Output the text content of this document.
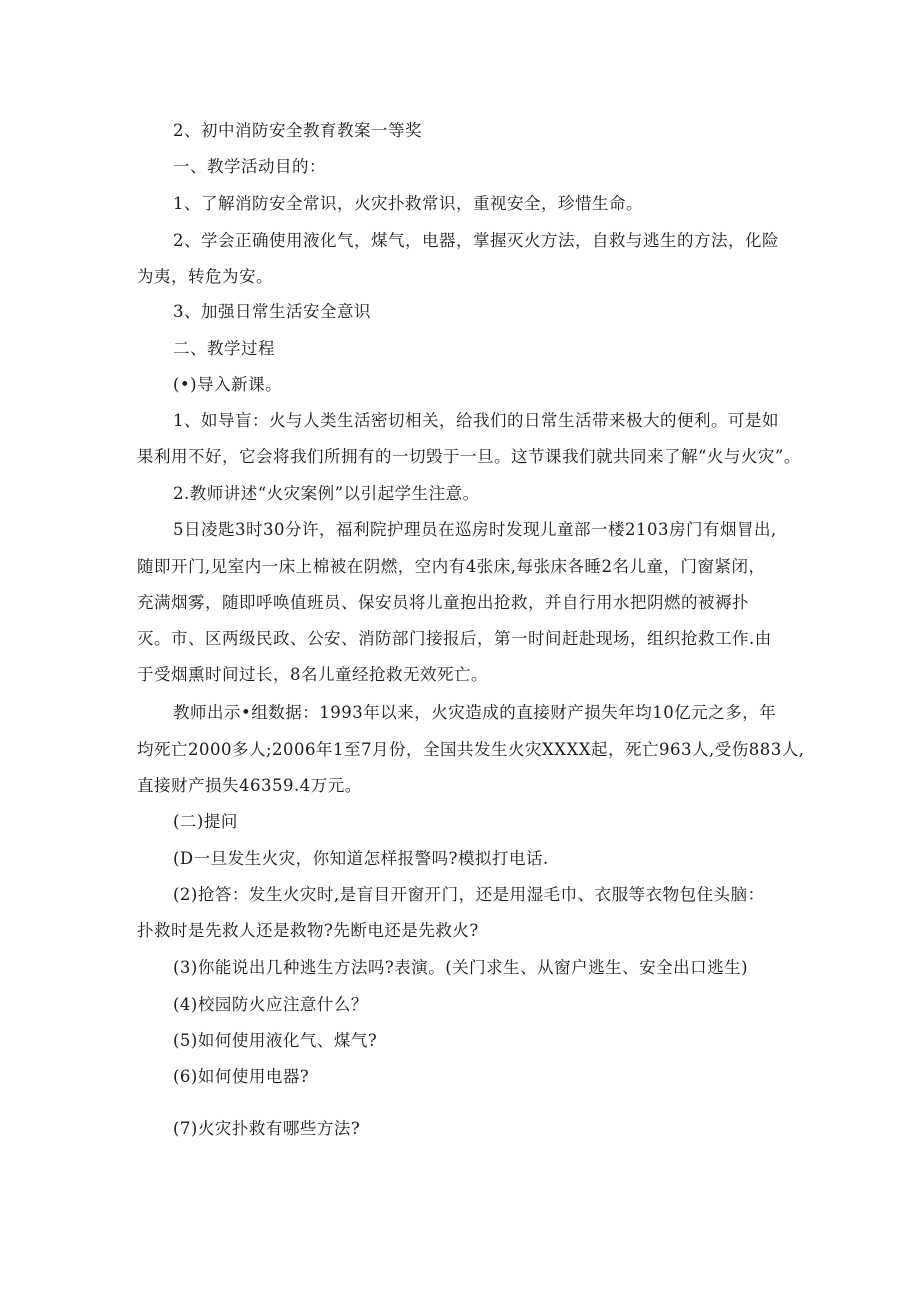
2、初中消防安全教育教案一等奖
一、教学活动目的：
1、了解消防安全常识，火灾扑救常识，重视安全，珍惜生命。
2、学会正确使用液化气，煤气，电器，掌握灭火方法，自救与逃生的方法，化险
为夷，转危为安。
3、加强日常生活安全意识
二、教学过程
(•)导入新课。
1、如导盲：火与人类生活密切相关，给我们的日常生活带来极大的便利。可是如
果利用不好，它会将我们所拥有的一切毁于一旦。这节课我们就共同来了解“火与火灾”。
2.教师讲述“火灾案例”以引起学生注意。
5日凌匙3时30分许，福利院护理员在巡房时发现儿童部一楼2103房门有烟冒出,
随即开门,见室内一床上棉被在阴燃，空内有4张床,每张床各睡2名儿童，门窗紧闭，
充满烟雾，随即呼唤值班员、保安员将儿童抱出抢救，并自行用水把阴燃的被褥扑
灭。市、区两级民政、公安、消防部门接报后，第一时间赶赴现场，组织抢救工作.由
于受烟熏时间过长，8名儿童经抢救无效死亡。
教师出示•组数据：1993年以来，火灾造成的直接财产损失年均10亿元之多，年
均死亡2000多人;2006年1至7月份，全国共发生火灾XXXX起，死亡963人,受伤883人,
直接财产损失46359.4万元。
(二)提问
(D一旦发生火灾，你知道怎样报警吗?模拟打电话.
(2)抢答：发生火灾时,是盲目开窗开门，还是用湿毛巾、衣服等衣物包住头脑：
扑救时是先救人还是救物?先断电还是先救火?
(3)你能说出几种逃生方法吗?表演。(关门求生、从窗户逃生、安全出口逃生)
(4)校园防火应注意什么？
(5)如何使用液化气、煤气?
(6)如何使用电器?
(7)火灾扑救有哪些方法?
